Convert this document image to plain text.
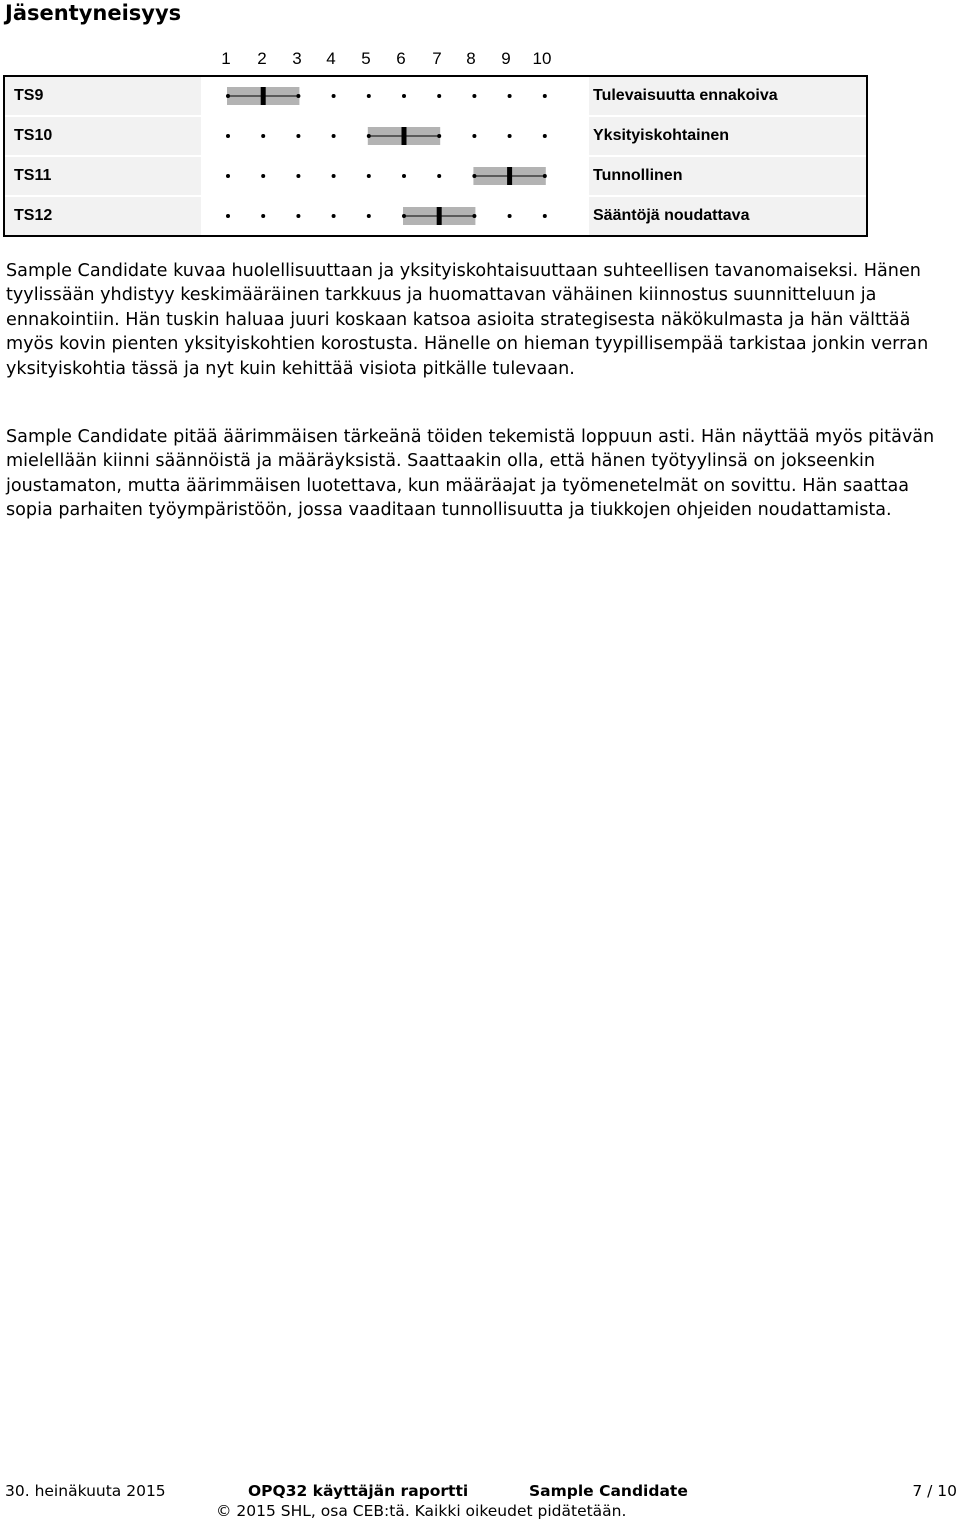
Jäsentyneisyys
1 2 3 4 5 6 7 8 9 10
TS9	Tulevaisuutta ennakoiva
TS10	Yksityiskohtainen
TS11	Tunnollinen
TS12	Sääntöjä noudattava

Sample Candidate kuvaa huolellisuuttaan ja yksityiskohtaisuuttaan suhteellisen tavanomaiseksi. Hänen tyylissään yhdistyy keskimääräinen tarkkuus ja huomattavan vähäinen kiinnostus suunnitteluun ja ennakointiin. Hän tuskin haluaa juuri koskaan katsoa asioita strategisesta näkökulmasta ja hän välttää myös kovin pienten yksityiskohtien korostusta. Hänelle on hieman tyypillisempää tarkistaa jonkin verran yksityiskohtia tässä ja nyt kuin kehittää visiota pitkälle tulevaan.

Sample Candidate pitää äärimmäisen tärkeänä töiden tekemistä loppuun asti. Hän näyttää myös pitävän mielellään kiinni säännöistä ja määräyksistä. Saattaakin olla, että hänen työtyylinsä on jokseenkin joustamaton, mutta äärimmäisen luotettava, kun määräajat ja työmenetelmät on sovittu. Hän saattaa sopia parhaiten työympäristöön, jossa vaaditaan tunnollisuutta ja tiukkojen ohjeiden noudattamista.

30. heinäkuuta 2015	OPQ32 käyttäjän raportti	Sample Candidate	7 / 10
© 2015 SHL, osa CEB:tä. Kaikki oikeudet pidätetään.
